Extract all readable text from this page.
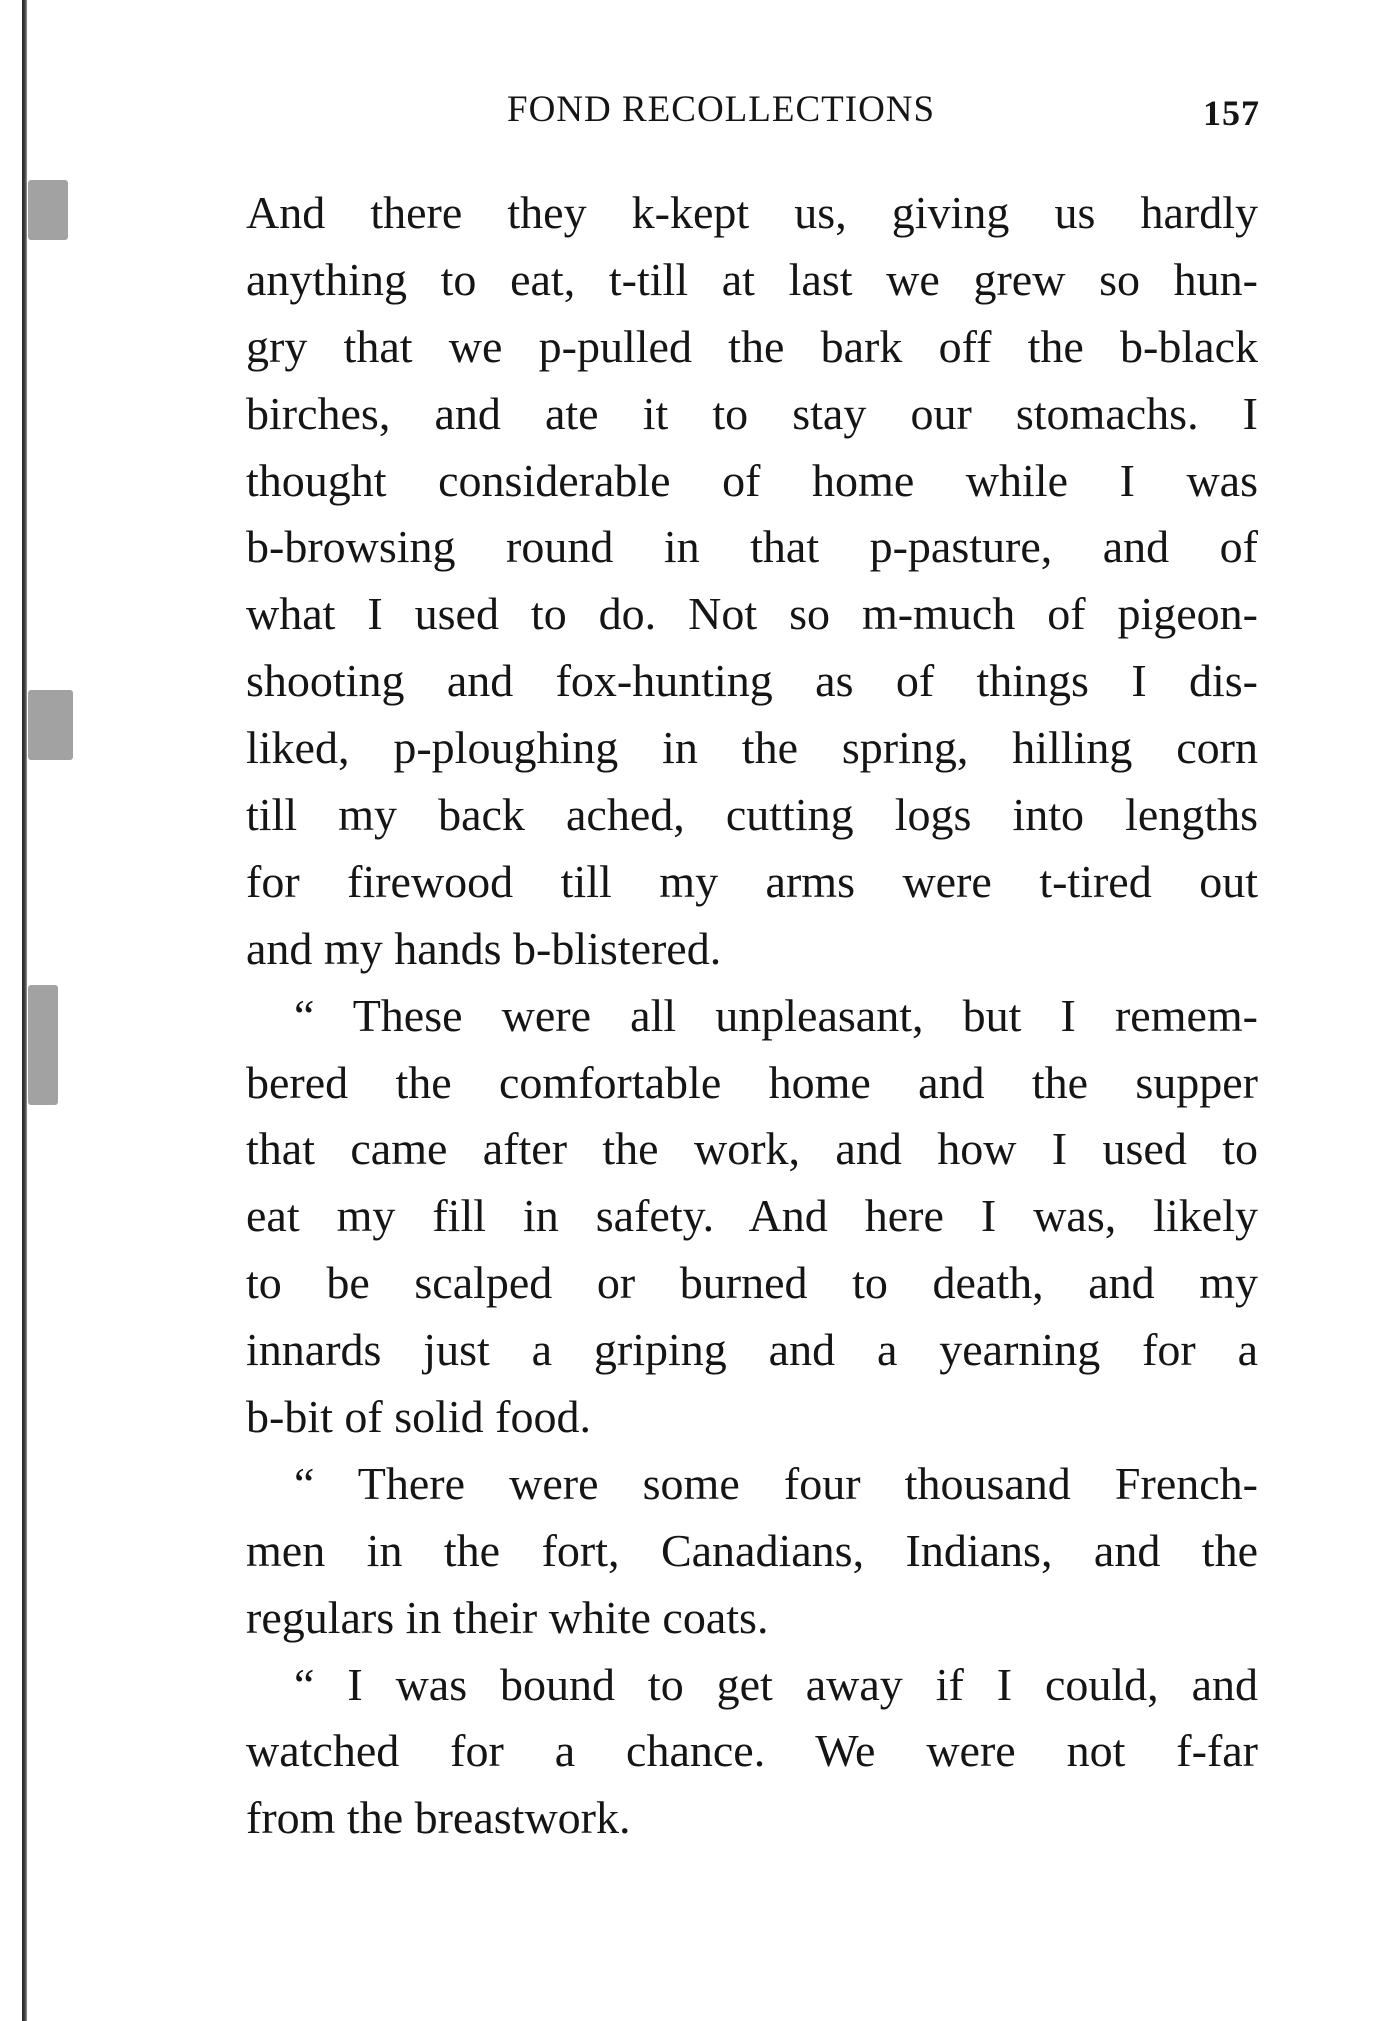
FOND RECOLLECTIONS	157
And there they k-kept us, giving us hardly
anything to eat, t-till at last we grew so hun-
gry that we p-pulled the bark off the b-black
birches, and ate it to stay our stomachs. I
thought considerable of home while I was
b-browsing round in that p-pasture, and of
what I used to do. Not so m-much of pigeon-
shooting and fox-hunting as of things I dis-
liked, p-ploughing in the spring, hilling corn
till my back ached, cutting logs into lengths
for firewood till my arms were t-tired out
and my hands b-blistered.
“ These were all unpleasant, but I remem-
bered the comfortable home and the supper
that came after the work, and how I used to
eat my fill in safety. And here I was, likely
to be scalped or burned to death, and my
innards just a griping and a yearning for a
b-bit of solid food.
“ There were some four thousand French-
men in the fort, Canadians, Indians, and the
regulars in their white coats.
“ I was bound to get away if I could, and
watched for a chance. We were not f-far
from the breastwork.
